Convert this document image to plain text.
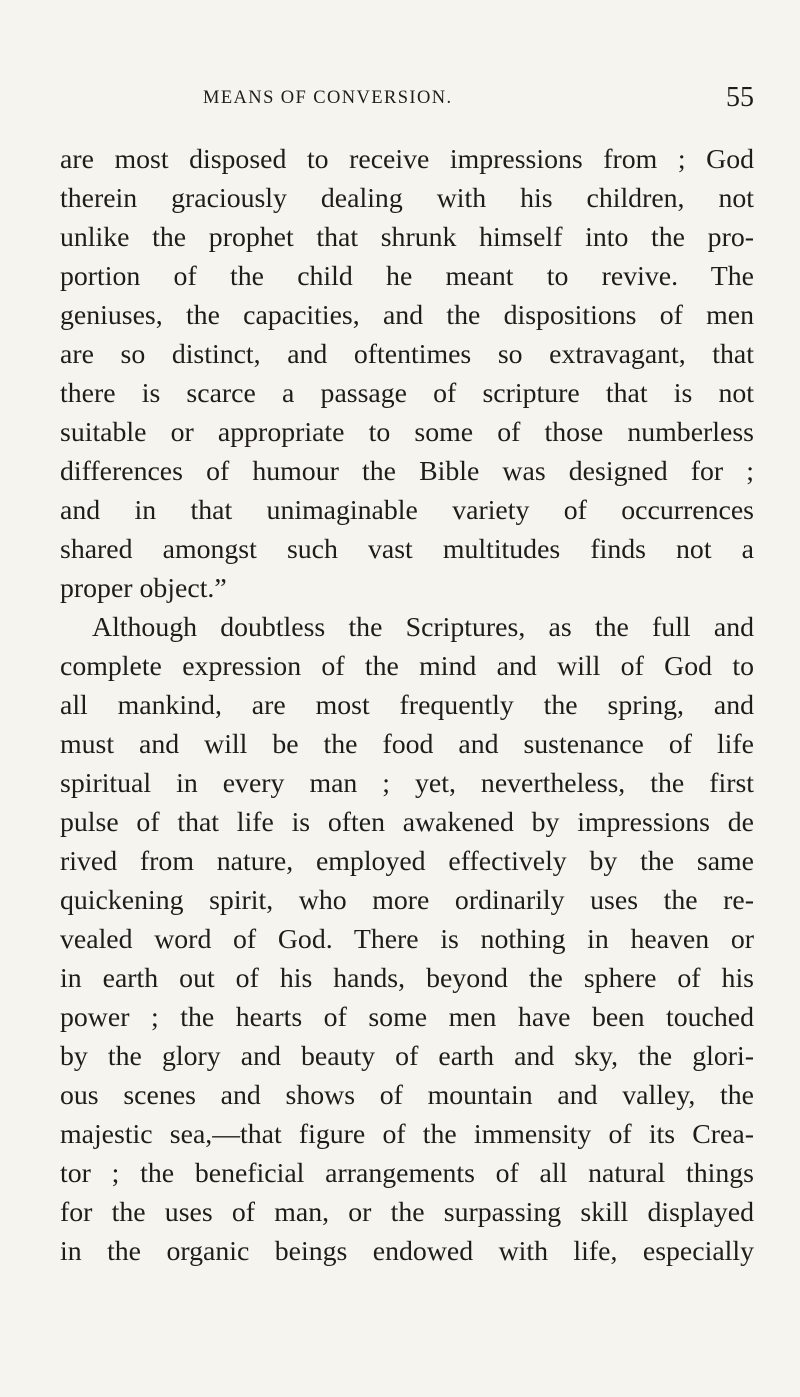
MEANS OF CONVERSION.	55
are most disposed to receive impressions from ; God
therein graciously dealing with his children, not
unlike the prophet that shrunk himself into the pro-
portion of the child he meant to revive. The
geniuses, the capacities, and the dispositions of men
are so distinct, and oftentimes so extravagant, that
there is scarce a passage of scripture that is not
suitable or appropriate to some of those numberless
differences of humour the Bible was designed for ;
and in that unimaginable variety of occurrences
shared amongst such vast multitudes finds not a
proper object.”
Although doubtless the Scriptures, as the full and
complete expression of the mind and will of God to
all mankind, are most frequently the spring, and
must and will be the food and sustenance of life
spiritual in every man ; yet, nevertheless, the first
pulse of that life is often awakened by impressions de
rived from nature, employed effectively by the same
quickening spirit, who more ordinarily uses the re-
vealed word of God. There is nothing in heaven or
in earth out of his hands, beyond the sphere of his
power ; the hearts of some men have been touched
by the glory and beauty of earth and sky, the glori-
ous scenes and shows of mountain and valley, the
majestic sea,—that figure of the immensity of its Crea-
tor ; the beneficial arrangements of all natural things
for the uses of man, or the surpassing skill displayed
in the organic beings endowed with life, especially
